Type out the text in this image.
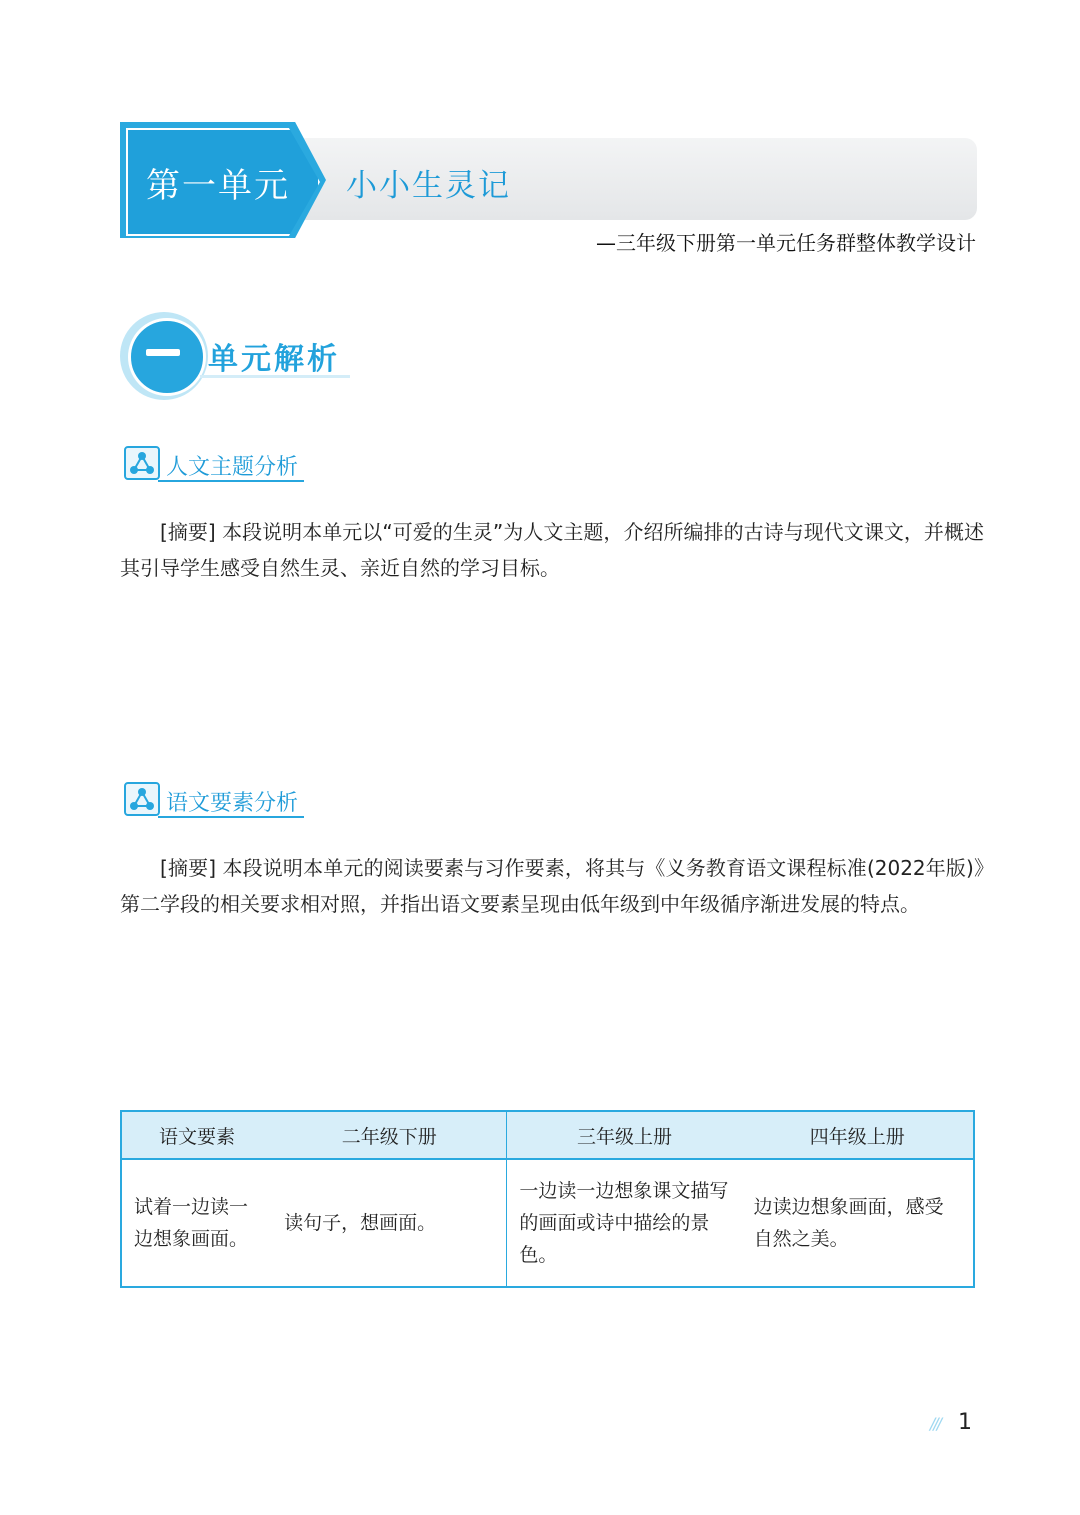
第一单元 小小生灵记
—三年级下册第一单元任务群整体教学设计
单元解析
人文主题分析
[摘要] 本段说明本单元以“可爱的生灵”为人文主题，介绍所编排的古诗与现代文课文，并概述其引导学生感受自然生灵、亲近自然的学习目标。
语文要素分析
[摘要] 本段说明本单元的阅读要素与习作要素，将其与《义务教育语文课程标准(2022年版)》第二学段的相关要求相对照，并指出语文要素呈现由低年级到中年级循序渐进发展的特点。
语文要素	二年级下册	三年级上册	四年级上册
试着一边读一边想象画面。	读句子，想画面。	一边读一边想象课文描写的画面或诗中描绘的景色。	边读边想象画面，感受自然之美。
/// 1
